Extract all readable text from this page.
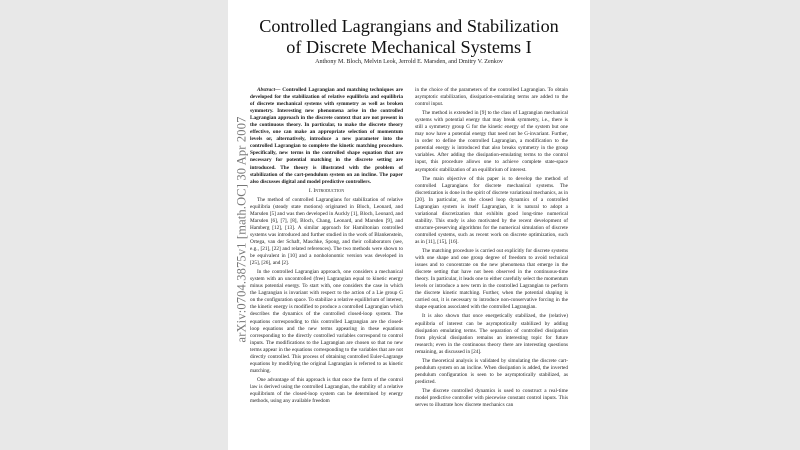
Controlled Lagrangians and Stabilization
of Discrete Mechanical Systems I
Anthony M. Bloch, Melvin Leok, Jerrold E. Marsden, and Dmitry V. Zenkov

Abstract— Controlled Lagrangian and matching techniques are developed for the stabilization of relative equilibria and equilibria of discrete mechanical systems with symmetry as well as broken symmetry. Interesting new phenomena arise in the controlled Lagrangian approach in the discrete context that are not present in the continuous theory. In particular, to make the discrete theory effective, one can make an appropriate selection of momentum levels or, alternatively, introduce a new parameter into the controlled Lagrangian to complete the kinetic matching procedure. Specifically, new terms in the controlled shape equation that are necessary for potential matching in the discrete setting are introduced. The theory is illustrated with the problem of stabilization of the cart-pendulum system on an incline. The paper also discusses digital and model predictive controllers.

I. Introduction

The method of controlled Lagrangians for stabilization of relative equilibria (steady state motions) originated in Bloch, Leonard, and Marsden [5] and was then developed in Auckly [1], Bloch, Leonard, and Marsden [6], [7], [8], Bloch, Chang, Leonard, and Marsden [9], and Hamberg [12], [13]. A similar approach for Hamiltonian controlled systems was introduced and further studied in the work of Blankenstein, Ortega, van der Schaft, Maschke, Spong, and their collaborators (see, e.g., [21], [22] and related references). The two methods were shown to be equivalent in [10] and a nonholonomic version was developed in [25], [26], and [2].

In the controlled Lagrangian approach, one considers a mechanical system with an uncontrolled (free) Lagrangian equal to kinetic energy minus potential energy. To start with, one considers the case in which the Lagrangian is invariant with respect to the action of a Lie group G on the configuration space. To stabilize a relative equilibrium of interest, the kinetic energy is modified to produce a controlled Lagrangian which describes the dynamics of the controlled closed-loop system. The equations corresponding to this controlled Lagrangian are the closed-loop equations and the new terms appearing in these equations corresponding to the directly controlled variables correspond to control inputs. The modifications to the Lagrangian are chosen so that no new terms appear in the equations corresponding to the variables that are not directly controlled. This process of obtaining controlled Euler-Lagrange equations by modifying the original Lagrangian is referred to as kinetic matching.

One advantage of this approach is that once the form of the control law is derived using the controlled Lagrangian, the stability of a relative equilibrium of the closed-loop system can be determined by energy methods, using any available freedom

in the choice of the parameters of the controlled Lagrangian. To obtain asymptotic stabilization, dissipation-emulating terms are added to the control input.

The method is extended in [9] to the class of Lagrangian mechanical systems with potential energy that may break symmetry, i.e., there is still a symmetry group G for the kinetic energy of the system but one may now have a potential energy that need not be G-invariant. Further, in order to define the controlled Lagrangian, a modification to the potential energy is introduced that also breaks symmetry in the group variables. After adding the dissipation-emulating terms to the control input, this procedure allows one to achieve complete state-space asymptotic stabilization of an equilibrium of interest.

The main objective of this paper is to develop the method of controlled Lagrangians for discrete mechanical systems. The discretization is done in the spirit of discrete variational mechanics, as in [20]. In particular, as the closed loop dynamics of a controlled Lagrangian system is itself Lagrangian, it is natural to adopt a variational discretization that exhibits good long-time numerical stability. This study is also motivated by the recent development of structure-preserving algorithms for the numerical simulation of discrete controlled systems, such as recent work on discrete optimization, such as in [11], [15], [16].

The matching procedure is carried out explicitly for discrete systems with one shape and one group degree of freedom to avoid technical issues and to concentrate on the new phenomena that emerge in the discrete setting that have not been observed in the continuous-time theory. In particular, it leads one to either carefully select the momentum levels or introduce a new term in the controlled Lagrangian to perform the discrete kinetic matching. Further, when the potential shaping is carried out, it is necessary to introduce non-conservative forcing in the shape equation associated with the controlled Lagrangian.

It is also shown that once energetically stabilized, the (relative) equilibria of interest can be asymptotically stabilized by adding dissipation emulating terms. The separation of controlled dissipation from physical dissipation remains an interesting topic for future research; even in the continuous theory there are interesting questions remaining, as discussed in [24].

The theoretical analysis is validated by simulating the discrete cart-pendulum system on an incline. When dissipation is added, the inverted pendulum configuration is seen to be asymptotically stabilized, as predicted.

The discrete controlled dynamics is used to construct a real-time model predictive controller with piecewise constant control inputs. This serves to illustrate how discrete mechanics can

arXiv:0704.3875v1 [math.OC] 30 Apr 2007
